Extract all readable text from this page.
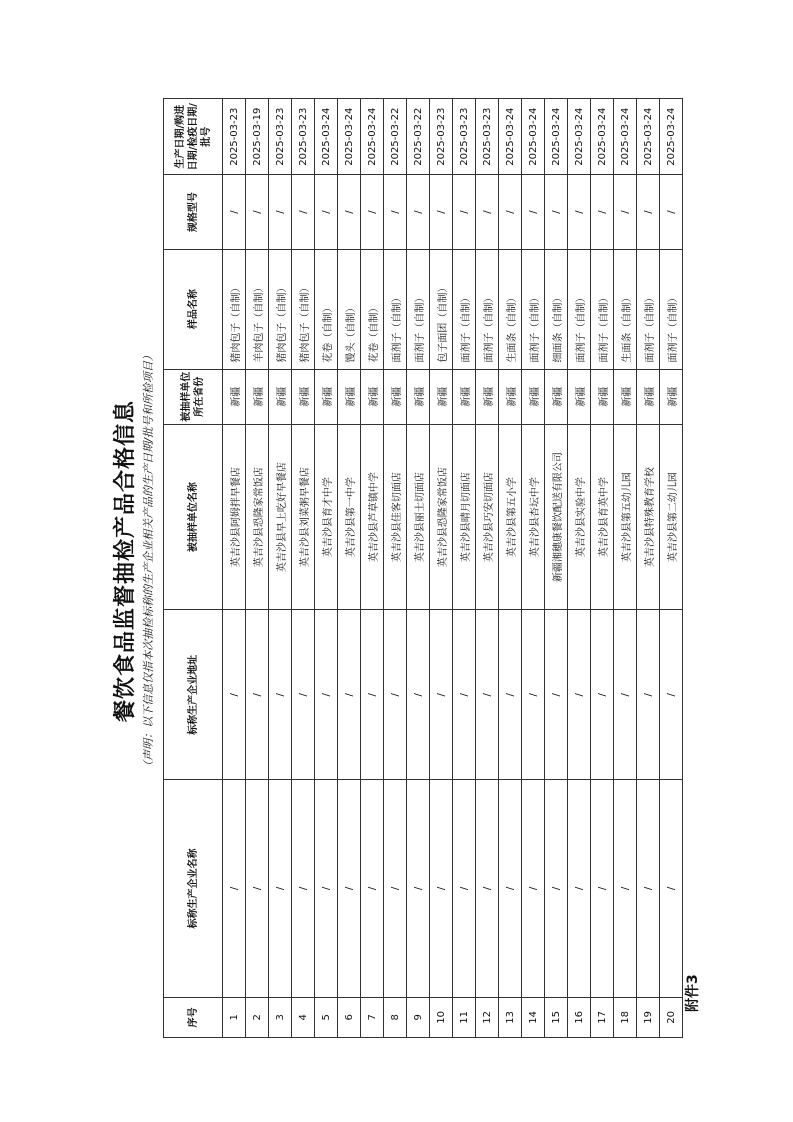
附件3
餐饮食品监督抽检产品合格信息 （声明：以下信息仅指本次抽检标称的生产企业相关产品的生产日期/批号和所检项目）
序号	标称生产企业名称	标称生产企业地址	被抽样单位名称	被抽样单位所在省份	样品名称	规格型号	生产日期/购进日期/检疫日期/批号
1	/	/	英吉沙县阿姆拌早餐店	新疆	猪肉包子（自制）	/	2025-03-23
2	/	/	英吉沙县恐隆家常饭店	新疆	羊肉包子（自制）	/	2025-03-19
3	/	/	英吉沙县早上吃好早餐店	新疆	猪肉包子（自制）	/	2025-03-23
4	/	/	英吉沙县刘菜粥早餐店	新疆	猪肉包子（自制）	/	2025-03-23
5	/	/	英吉沙县育才中学	新疆	花卷（自制）	/	2025-03-24
6	/	/	英吉沙县第一中学	新疆	馒头（自制）	/	2025-03-24
7	/	/	英吉沙县芦草镇中学	新疆	花卷（自制）	/	2025-03-24
8	/	/	英吉沙县佳客切面店	新疆	面剂子（自制）	/	2025-03-22
9	/	/	英吉沙县丽士切面店	新疆	面剂子（自制）	/	2025-03-22
10	/	/	英吉沙县恐隆家常饭店	新疆	包子面团（自制）	/	2025-03-23
11	/	/	英吉沙县晴月切面店	新疆	面剂子（自制）	/	2025-03-23
12	/	/	英吉沙县巧安切面店	新疆	面剂子（自制）	/	2025-03-23
13	/	/	英吉沙县第五小学	新疆	生面条（自制）	/	2025-03-24
14	/	/	英吉沙县杏坛中学	新疆	面剂子（自制）	/	2025-03-24
15	/	/	新疆湘穗康餐饮配送有限公司	新疆	细面条（自制）	/	2025-03-24
16	/	/	英吉沙县实验中学	新疆	面剂子（自制）	/	2025-03-24
17	/	/	英吉沙县育英中学	新疆	面剂子（自制）	/	2025-03-24
18	/	/	英吉沙县第五幼儿园	新疆	生面条（自制）	/	2025-03-24
19	/	/	英吉沙县特殊教育学校	新疆	面剂子（自制）	/	2025-03-24
20	/	/	英吉沙县第二幼儿园	新疆	面剂子（自制）	/	2025-03-24
